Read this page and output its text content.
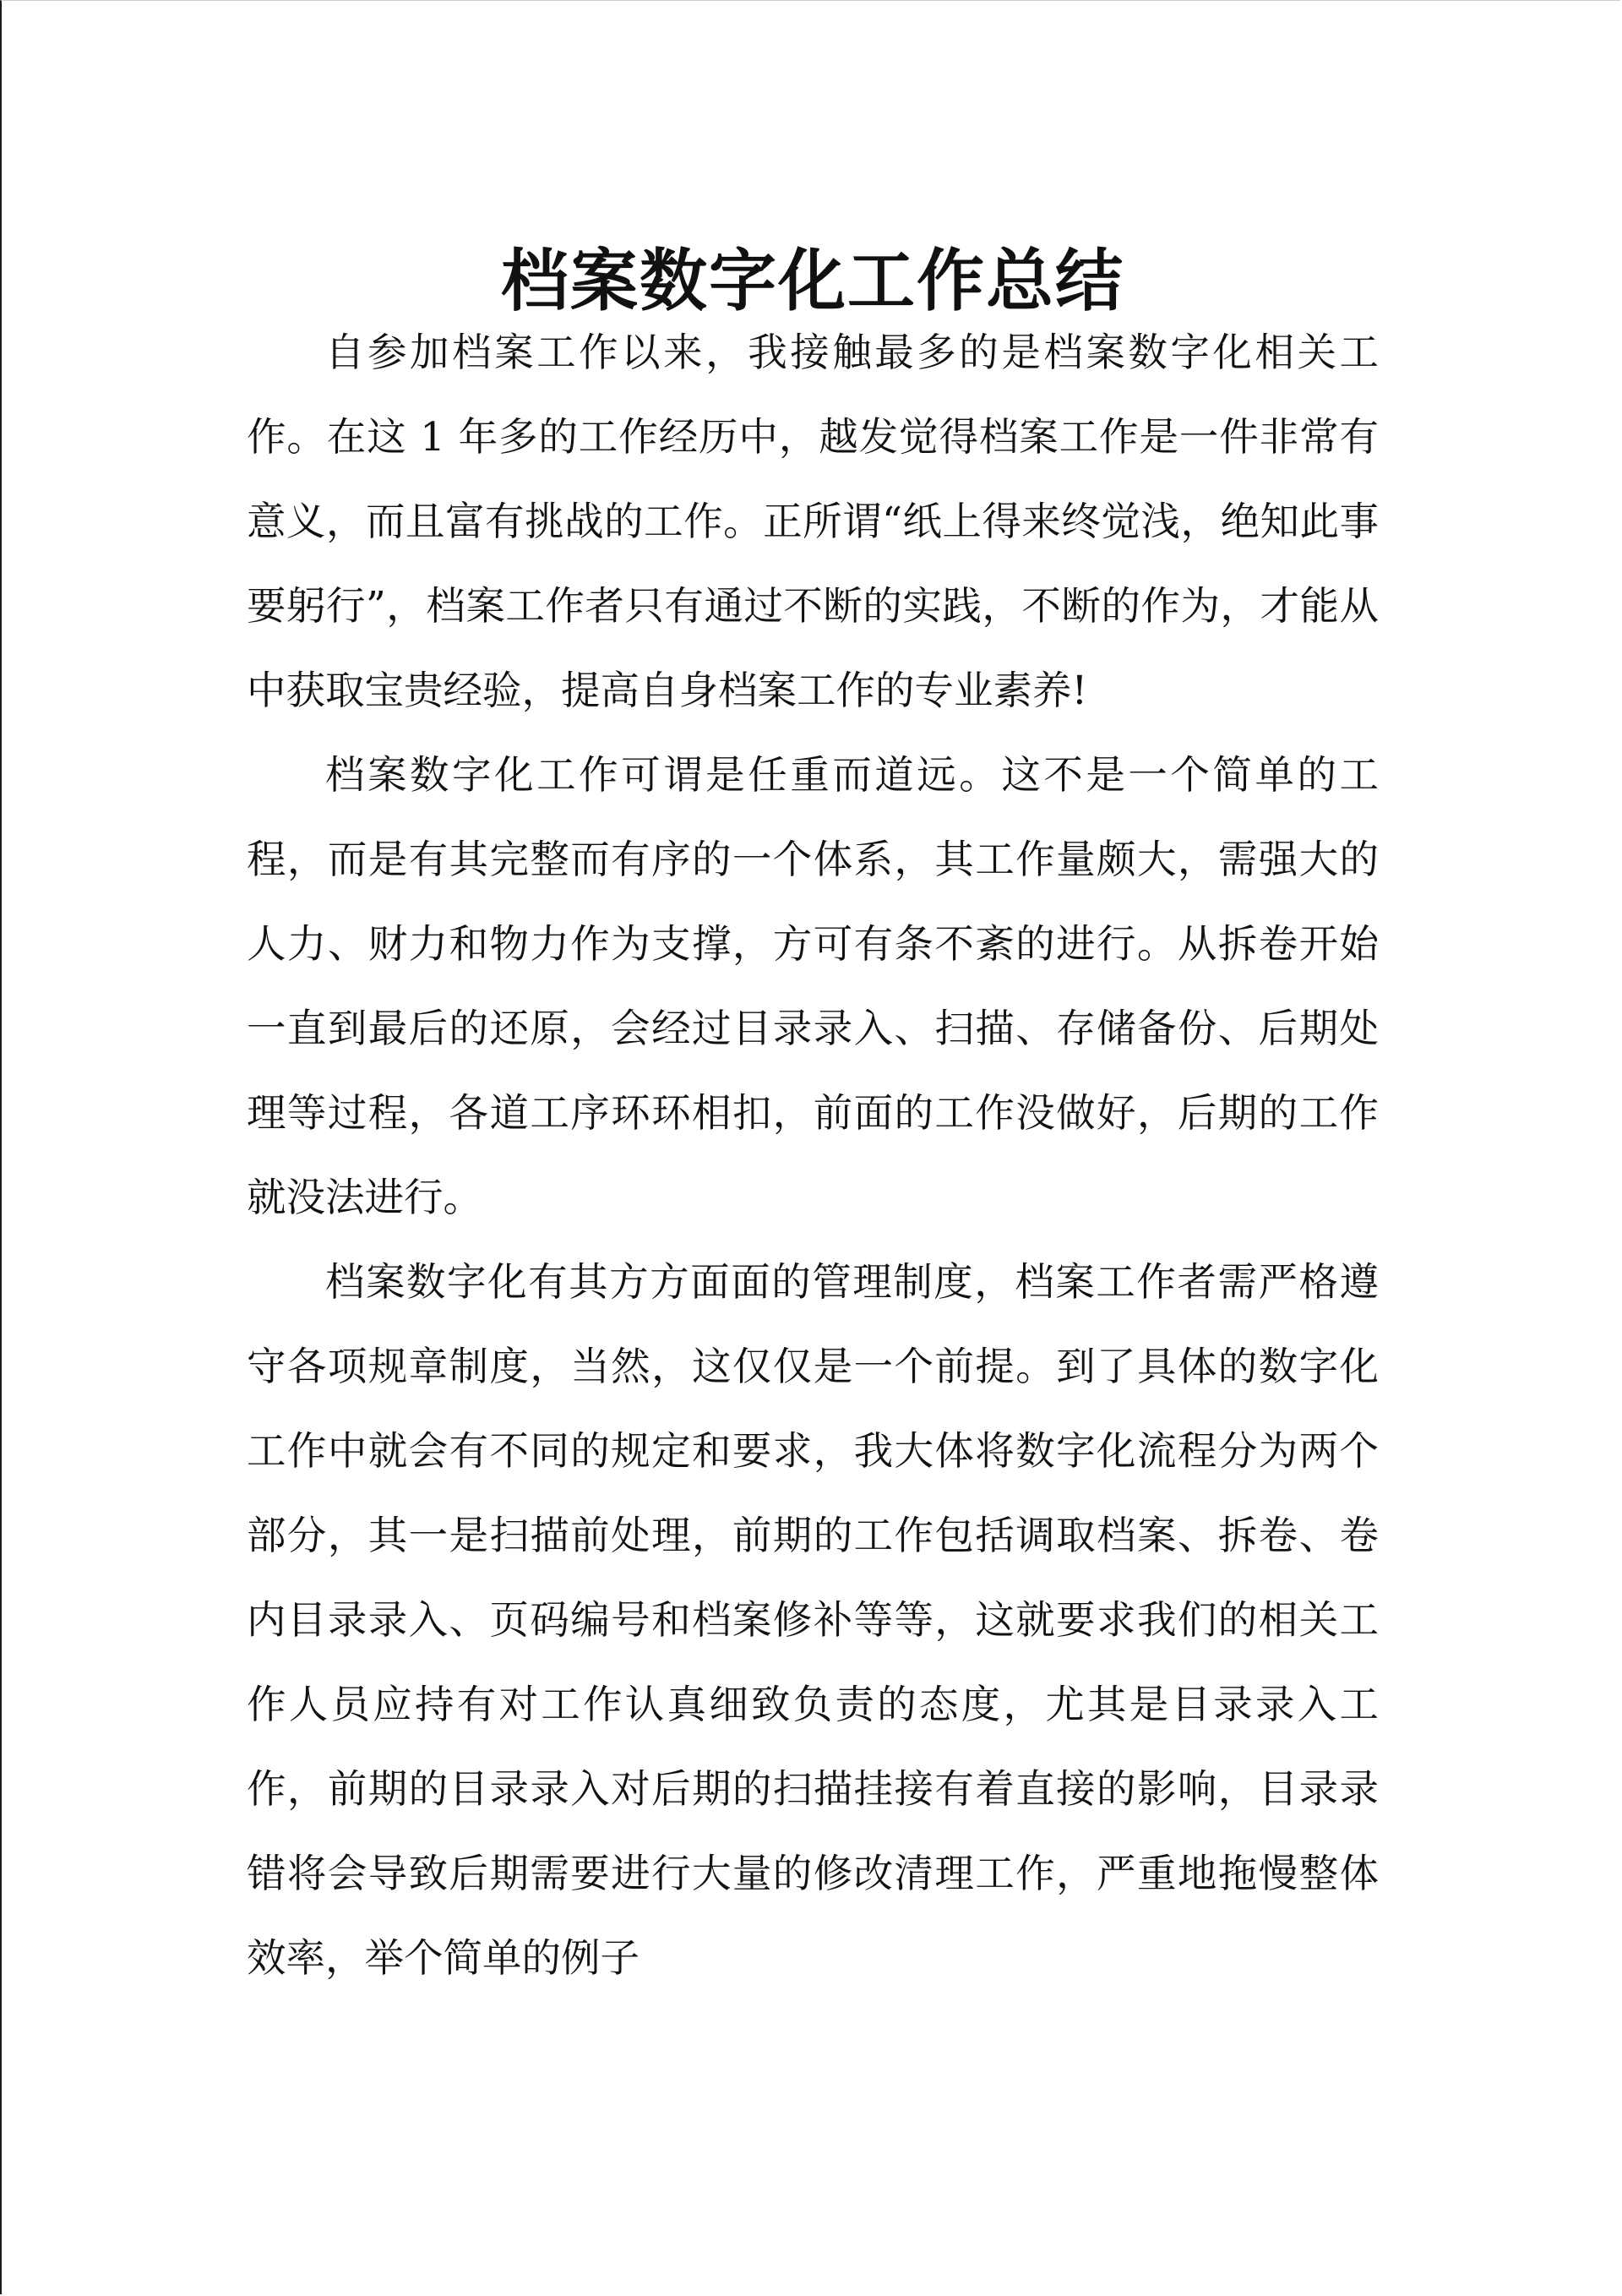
档案数字化工作总结

自参加档案工作以来，我接触最多的是档案数字化相关工作。在这 1 年多的工作经历中，越发觉得档案工作是一件非常有意义，而且富有挑战的工作。正所谓“纸上得来终觉浅，绝知此事要躬行”，档案工作者只有通过不断的实践，不断的作为，才能从中获取宝贵经验，提高自身档案工作的专业素养!

档案数字化工作可谓是任重而道远。这不是一个简单的工程，而是有其完整而有序的一个体系，其工作量颇大，需强大的人力、财力和物力作为支撑，方可有条不紊的进行。从拆卷开始一直到最后的还原，会经过目录录入、扫描、存储备份、后期处理等过程，各道工序环环相扣，前面的工作没做好，后期的工作就没法进行。

档案数字化有其方方面面的管理制度，档案工作者需严格遵守各项规章制度，当然，这仅仅是一个前提。到了具体的数字化工作中就会有不同的规定和要求，我大体将数字化流程分为两个部分，其一是扫描前处理，前期的工作包括调取档案、拆卷、卷内目录录入、页码编号和档案修补等等，这就要求我们的相关工作人员应持有对工作认真细致负责的态度，尤其是目录录入工作，前期的目录录入对后期的扫描挂接有着直接的影响，目录录错将会导致后期需要进行大量的修改清理工作，严重地拖慢整体效率，举个简单的例子
